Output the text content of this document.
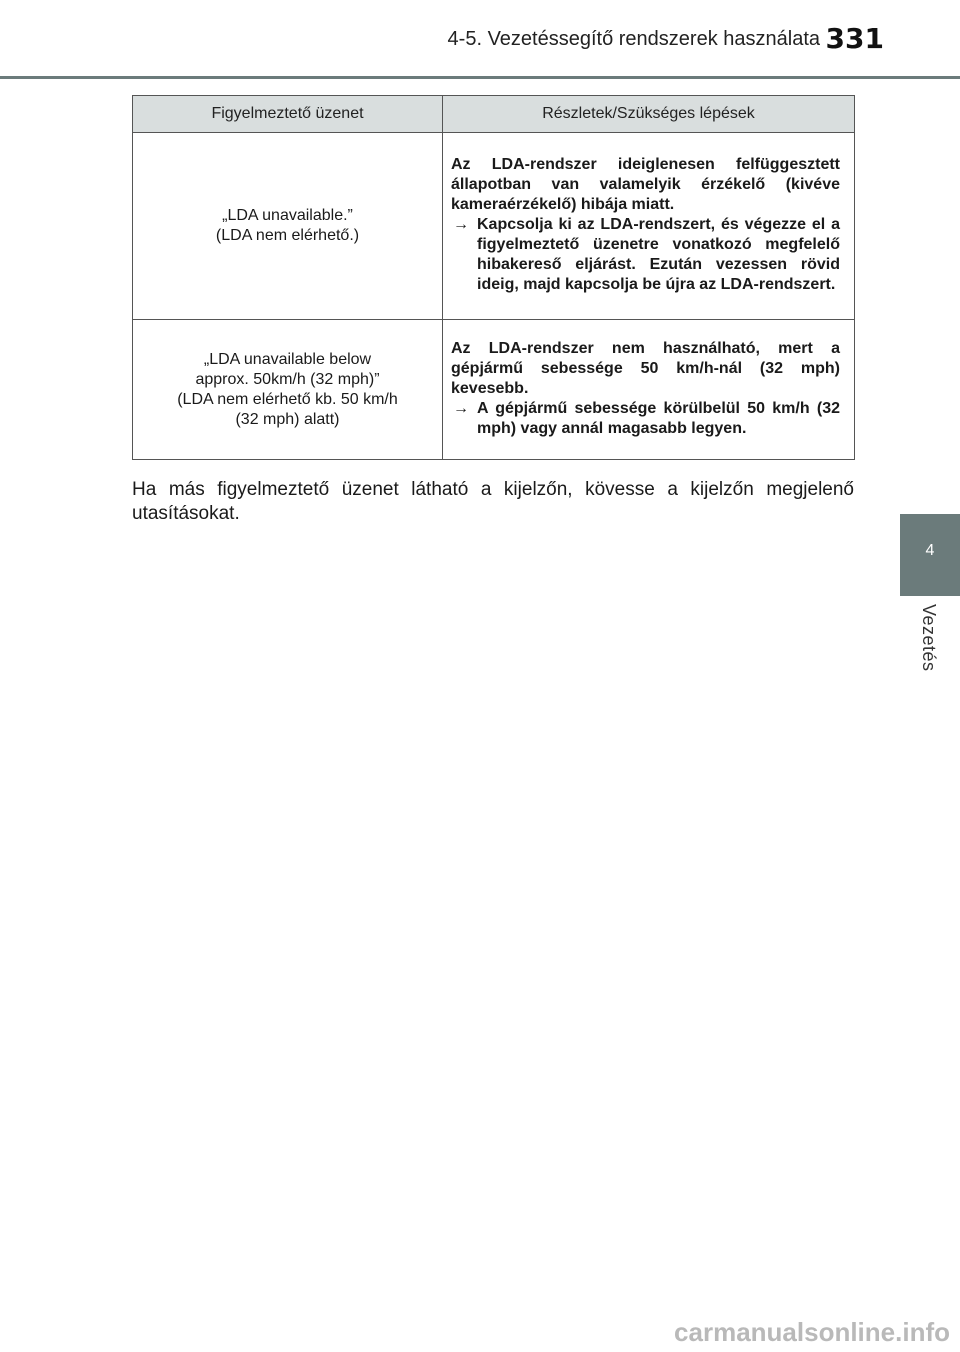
4-5. Vezetéssegítő rendszerek használata 331
Figyelmeztető üzenet	Részletek/Szükséges lépések

„LDA unavailable.”
(LDA nem elérhető.)	Az LDA-rendszer ideiglenesen felfüggesztett állapotban van valamelyik érzékelő (kivéve kameraérzékelő) hibája miatt.
→ Kapcsolja ki az LDA-rendszert, és végezze el a figyelmeztető üzenetre vonatkozó megfelelő hibakereső eljárást. Ezután vezessen rövid ideig, majd kapcsolja be újra az LDA-rendszert.

„LDA unavailable below
approx. 50km/h (32 mph)”
(LDA nem elérhető kb. 50 km/h
(32 mph) alatt)	Az LDA-rendszer nem használható, mert a gépjármű sebessége 50 km/h-nál (32 mph) kevesebb.
→ A gépjármű sebessége körülbelül 50 km/h (32 mph) vagy annál magasabb legyen.

Ha más figyelmeztető üzenet látható a kijelzőn, kövesse a kijelzőn megjelenő utasításokat.

4
Vezetés
carmanualsonline.info
